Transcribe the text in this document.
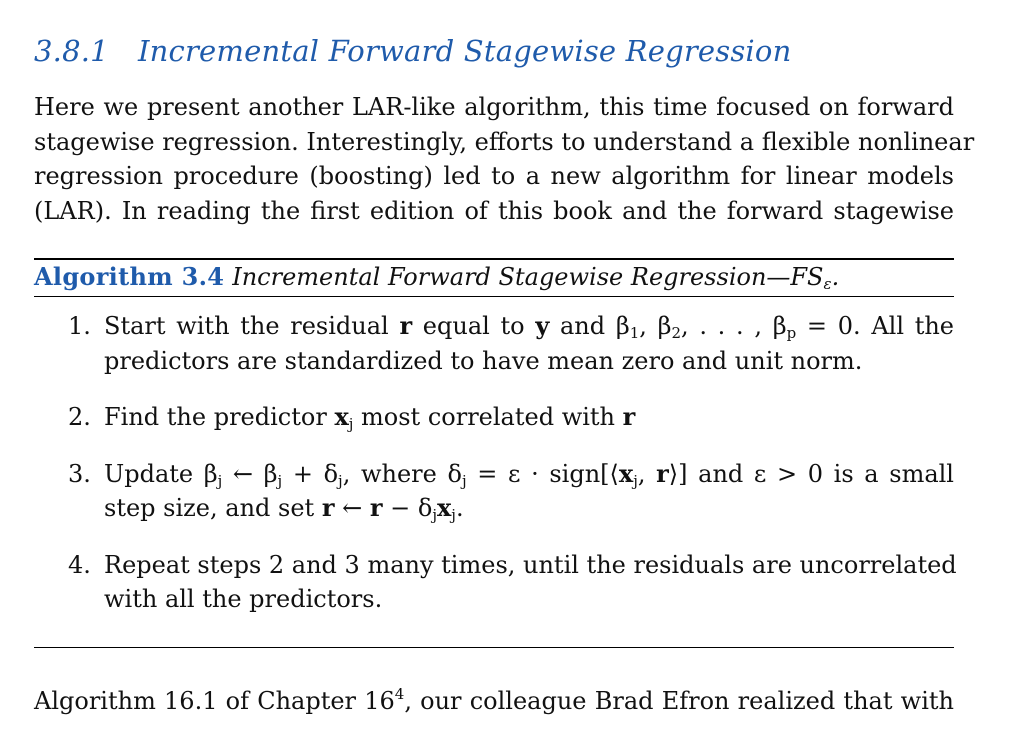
3.8.1 Incremental Forward Stagewise Regression
Here we present another LAR-like algorithm, this time focused on forward
stagewise regression. Interestingly, efforts to understand a flexible nonlinear
regression procedure (boosting) led to a new algorithm for linear models
(LAR). In reading the first edition of this book and the forward stagewise
Algorithm 3.4 Incremental Forward Stagewise $Regression—FS_\varepsilon$.
1. Start with the residual r equal to y and $\beta_1$, $\beta_2$, . . . , $\beta_p = 0$. All the
predictors are standardized to have mean zero and unit norm.
2. Find the predictor $x_j$ most correlated with r
3. Update $\beta_j$ ← $\beta_j + \delta_j$, where $\delta_j = \varepsilon$ · $sign[⟨x_j$, r⟩] and ε > 0 is a small
step size, and set r ← $r - \delta_jx_j$.
4. Repeat steps 2 and 3 many times, until the residuals are uncorrelated
with all the predictors.
Algorithm 16.1 of Chapter $16^4$, our colleague Brad Efron realized that with
